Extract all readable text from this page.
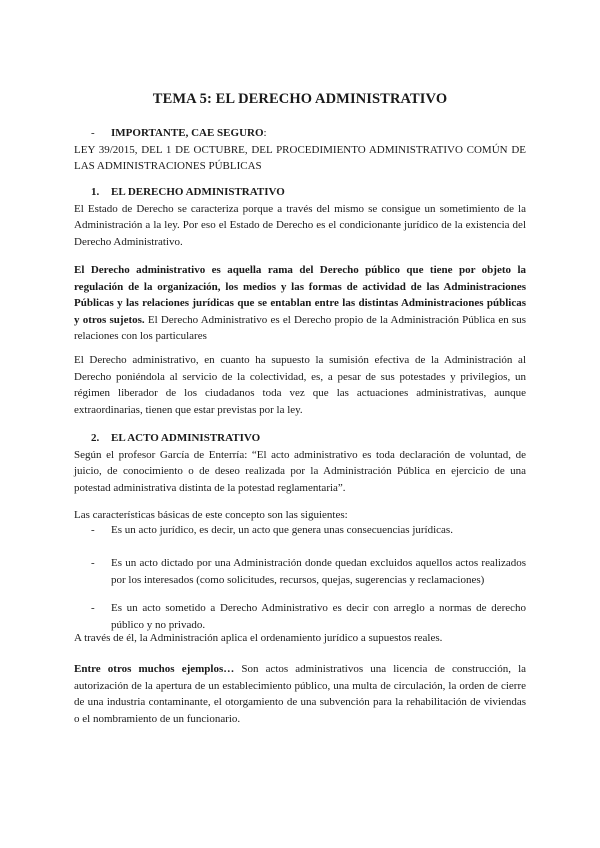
TEMA 5: EL DERECHO ADMINISTRATIVO
- IMPORTANTE, CAE SEGURO:
LEY 39/2015, DEL 1 DE OCTUBRE, DEL PROCEDIMIENTO ADMINISTRATIVO COMÚN DE LAS ADMINISTRACIONES PÚBLICAS
1. EL DERECHO ADMINISTRATIVO
El Estado de Derecho se caracteriza porque a través del mismo se consigue un sometimiento de la Administración a la ley. Por eso el Estado de Derecho es el condicionante jurídico de la existencia del Derecho Administrativo.
El Derecho administrativo es aquella rama del Derecho público que tiene por objeto la regulación de la organización, los medios y las formas de actividad de las Administraciones Públicas y las relaciones jurídicas que se entablan entre las distintas Administraciones públicas y otros sujetos. El Derecho Administrativo es el Derecho propio de la Administración Pública en sus relaciones con los particulares
El Derecho administrativo, en cuanto ha supuesto la sumisión efectiva de la Administración al Derecho poniéndola al servicio de la colectividad, es, a pesar de sus potestades y privilegios, un régimen liberador de los ciudadanos toda vez que las actuaciones administrativas, aunque extraordinarias, tienen que estar previstas por la ley.
2. EL ACTO ADMINISTRATIVO
Según el profesor García de Enterría: “El acto administrativo es toda declaración de voluntad, de juicio, de conocimiento o de deseo realizada por la Administración Pública en ejercicio de una potestad administrativa distinta de la potestad reglamentaria”.
Las características básicas de este concepto son las siguientes:
- Es un acto jurídico, es decir, un acto que genera unas consecuencias jurídicas.
- Es un acto dictado por una Administración donde quedan excluidos aquellos actos realizados por los interesados (como solicitudes, recursos, quejas, sugerencias y reclamaciones)
- Es un acto sometido a Derecho Administrativo es decir con arreglo a normas de derecho público y no privado.
A través de él, la Administración aplica el ordenamiento jurídico a supuestos reales.
Entre otros muchos ejemplos… Son actos administrativos una licencia de construcción, la autorización de la apertura de un establecimiento público, una multa de circulación, la orden de cierre de una industria contaminante, el otorgamiento de una subvención para la rehabilitación de viviendas o el nombramiento de un funcionario.
